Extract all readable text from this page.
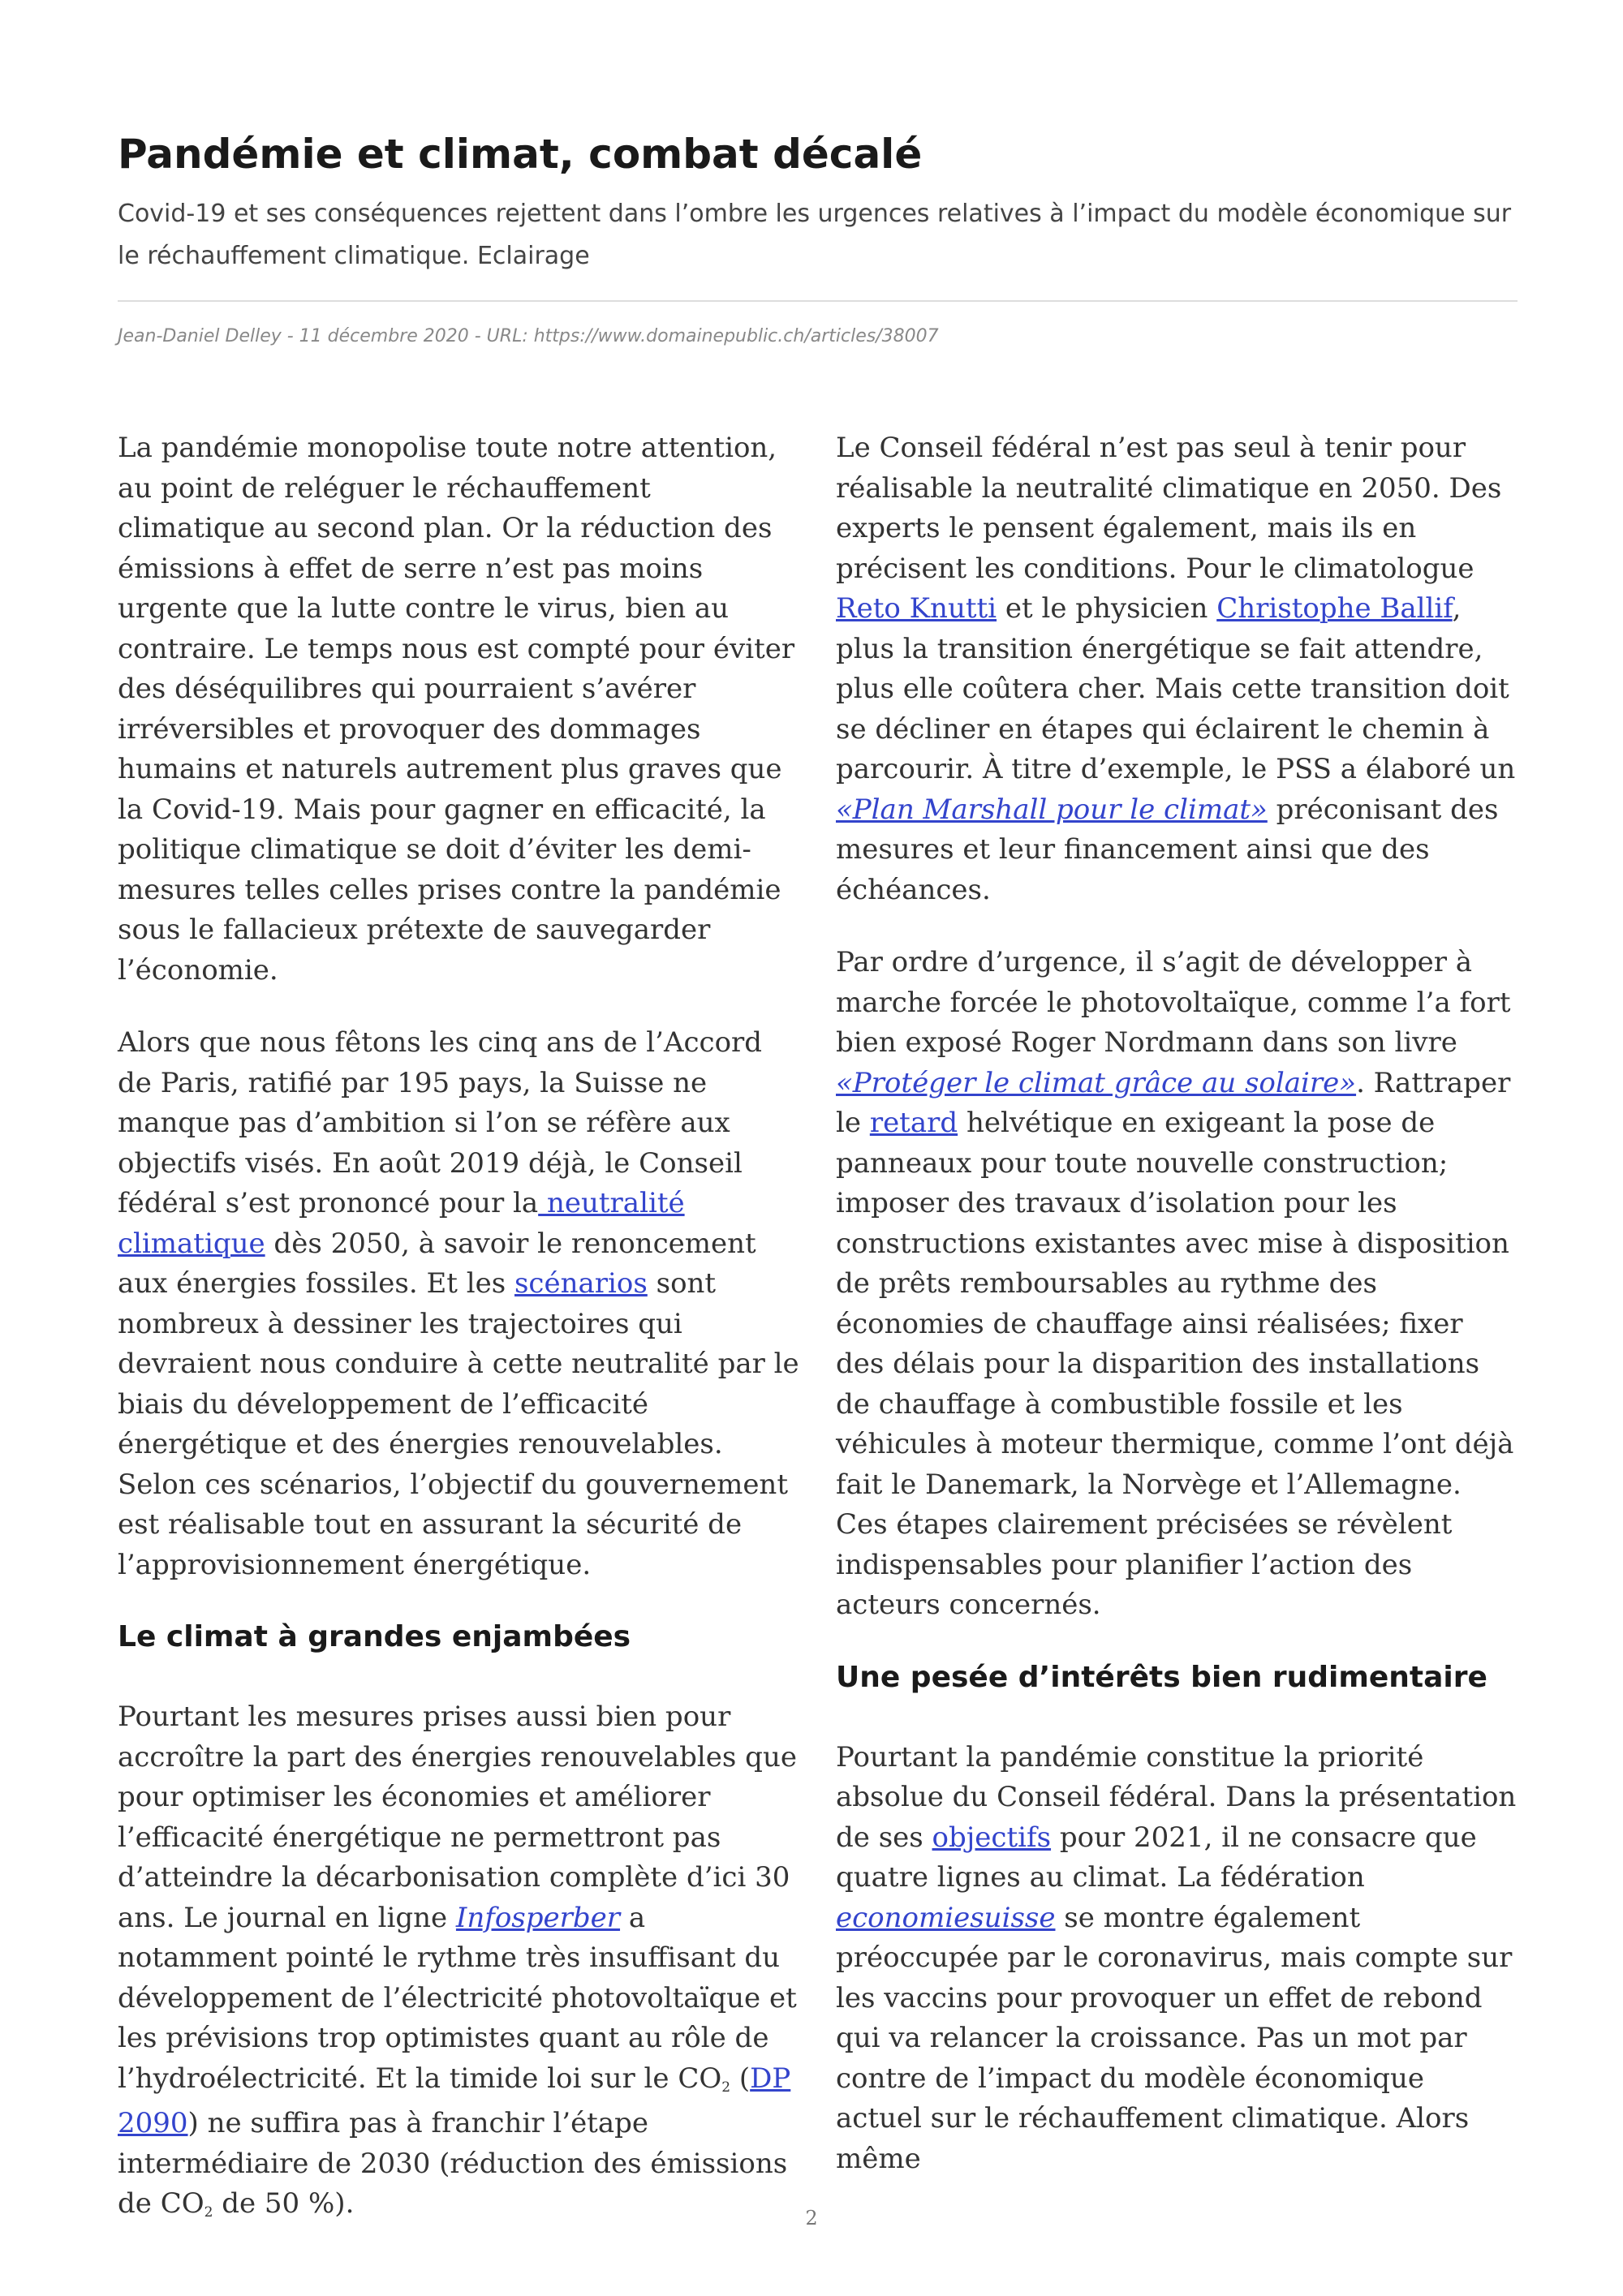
Pandémie et climat, combat décalé
Covid-19 et ses conséquences rejettent dans l’ombre les urgences relatives à l’impact du modèle économique sur le réchauffement climatique. Eclairage
Jean-Daniel Delley - 11 décembre 2020 - URL: https://www.domainepublic.ch/articles/38007

La pandémie monopolise toute notre attention, au point de reléguer le réchauffement climatique au second plan. Or la réduction des émissions à effet de serre n’est pas moins urgente que la lutte contre le virus, bien au contraire. Le temps nous est compté pour éviter des déséquilibres qui pourraient s’avérer irréversibles et provoquer des dommages humains et naturels autrement plus graves que la Covid-19. Mais pour gagner en efficacité, la politique climatique se doit d’éviter les demi-mesures telles celles prises contre la pandémie sous le fallacieux prétexte de sauvegarder l’économie.

Alors que nous fêtons les cinq ans de l’Accord de Paris, ratifié par 195 pays, la Suisse ne manque pas d’ambition si l’on se réfère aux objectifs visés. En août 2019 déjà, le Conseil fédéral s’est prononcé pour la neutralité climatique dès 2050, à savoir le renoncement aux énergies fossiles. Et les scénarios sont nombreux à dessiner les trajectoires qui devraient nous conduire à cette neutralité par le biais du développement de l’efficacité énergétique et des énergies renouvelables. Selon ces scénarios, l’objectif du gouvernement est réalisable tout en assurant la sécurité de l’approvisionnement énergétique.

Le climat à grandes enjambées

Pourtant les mesures prises aussi bien pour accroître la part des énergies renouvelables que pour optimiser les économies et améliorer l’efficacité énergétique ne permettront pas d’atteindre la décarbonisation complète d’ici 30 ans. Le journal en ligne Infosperber a notamment pointé le rythme très insuffisant du développement de l’électricité photovoltaïque et les prévisions trop optimistes quant au rôle de l’hydroélectricité. Et la timide loi sur le $CO_2$ (DP 2090) ne suffira pas à franchir l’étape intermédiaire de 2030 (réduction des émissions de $CO_2$ de 50 %).

Le Conseil fédéral n’est pas seul à tenir pour réalisable la neutralité climatique en 2050. Des experts le pensent également, mais ils en précisent les conditions. Pour le climatologue Reto Knutti et le physicien Christophe Ballif, plus la transition énergétique se fait attendre, plus elle coûtera cher. Mais cette transition doit se décliner en étapes qui éclairent le chemin à parcourir. À titre d’exemple, le PSS a élaboré un «Plan Marshall pour le climat» préconisant des mesures et leur financement ainsi que des échéances.

Par ordre d’urgence, il s’agit de développer à marche forcée le photovoltaïque, comme l’a fort bien exposé Roger Nordmann dans son livre «Protéger le climat grâce au solaire». Rattraper le retard helvétique en exigeant la pose de panneaux pour toute nouvelle construction; imposer des travaux d’isolation pour les constructions existantes avec mise à disposition de prêts remboursables au rythme des économies de chauffage ainsi réalisées; fixer des délais pour la disparition des installations de chauffage à combustible fossile et les véhicules à moteur thermique, comme l’ont déjà fait le Danemark, la Norvège et l’Allemagne. Ces étapes clairement précisées se révèlent indispensables pour planifier l’action des acteurs concernés.

Une pesée d’intérêts bien rudimentaire

Pourtant la pandémie constitue la priorité absolue du Conseil fédéral. Dans la présentation de ses objectifs pour 2021, il ne consacre que quatre lignes au climat. La fédération economiesuisse se montre également préoccupée par le coronavirus, mais compte sur les vaccins pour provoquer un effet de rebond qui va relancer la croissance. Pas un mot par contre de l’impact du modèle économique actuel sur le réchauffement climatique. Alors même

2
